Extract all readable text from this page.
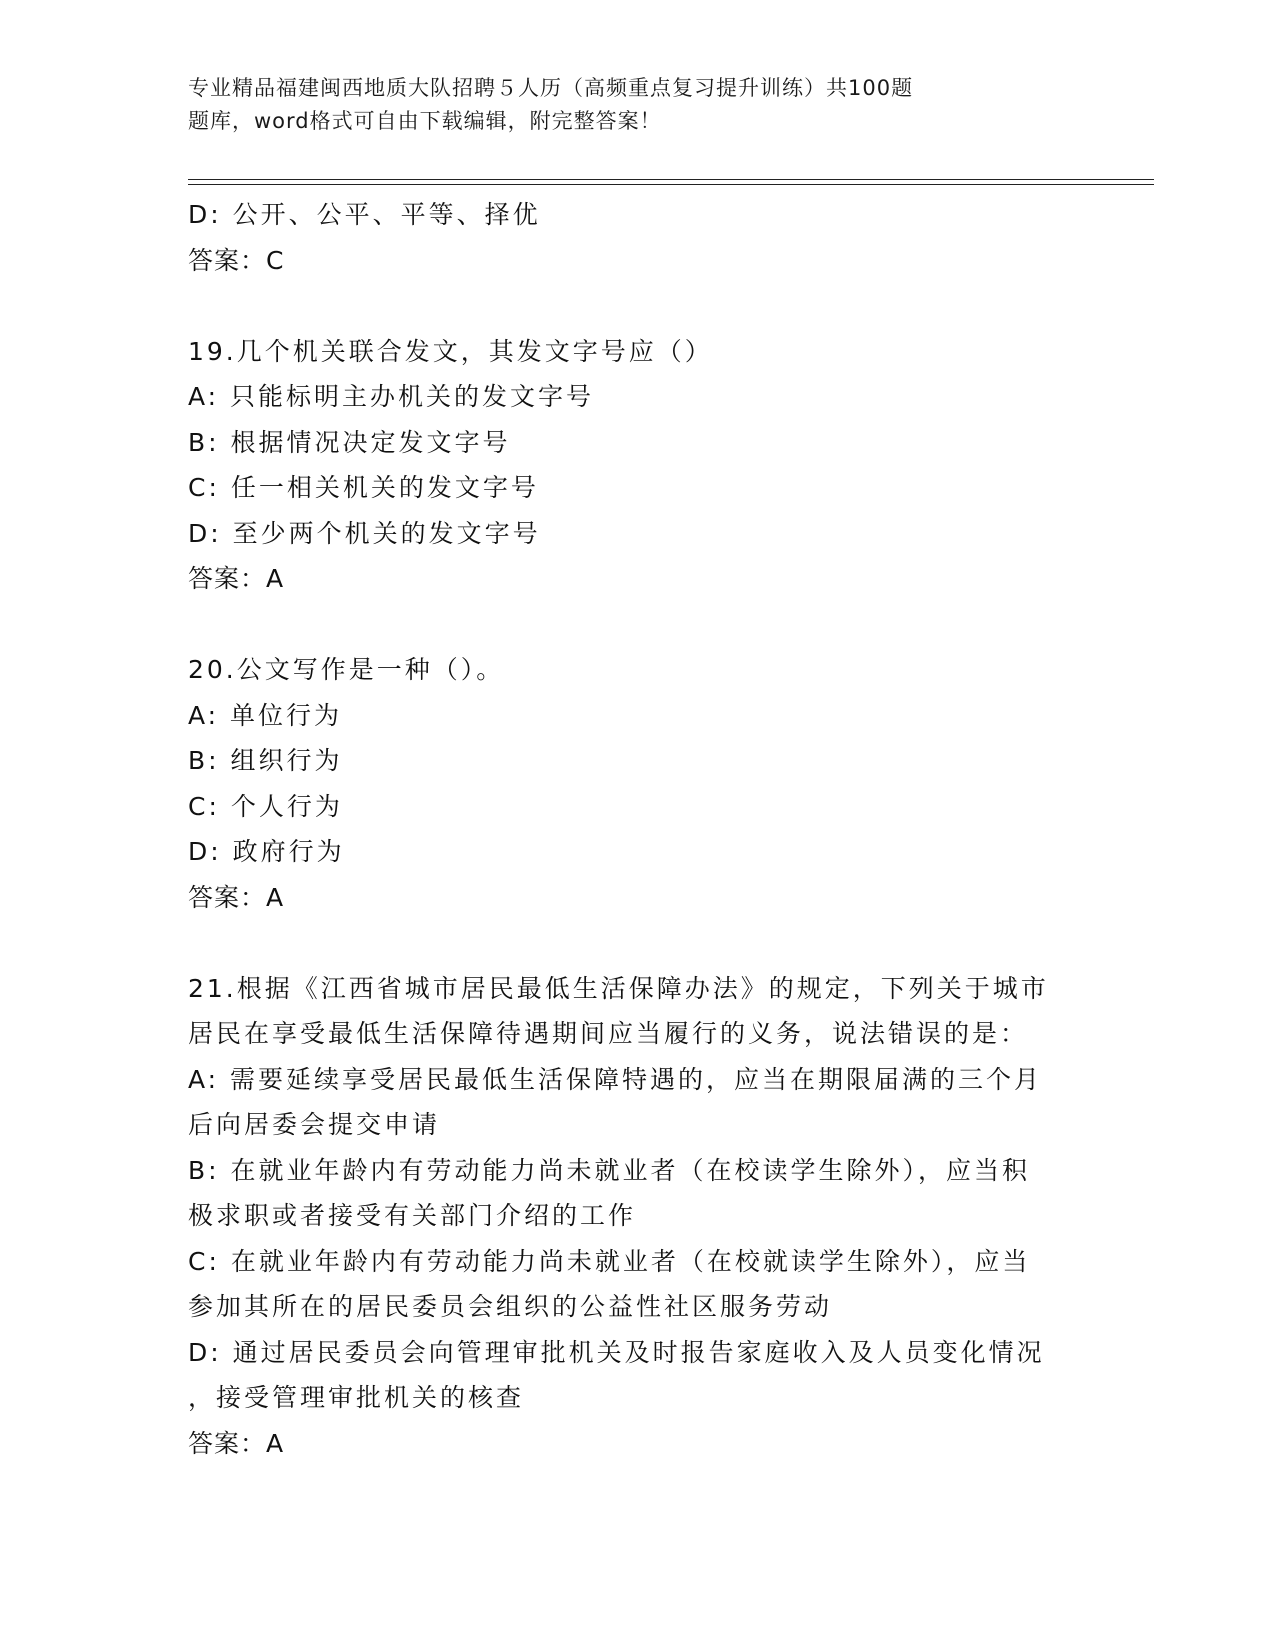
专业精品福建闽西地质大队招聘５人历（高频重点复习提升训练）共100题
题库，word格式可自由下载编辑，附完整答案！
D: 公开、公平、平等、择优
答案：C
19.几个机关联合发文，其发文字号应（）
A: 只能标明主办机关的发文字号
B: 根据情况决定发文字号
C: 任一相关机关的发文字号
D: 至少两个机关的发文字号
答案：A
20.公文写作是一种（）。
A: 单位行为
B: 组织行为
C: 个人行为
D: 政府行为
答案：A
21.根据《江西省城市居民最低生活保障办法》的规定，下列关于城市
居民在享受最低生活保障待遇期间应当履行的义务，说法错误的是：
A: 需要延续享受居民最低生活保障特遇的，应当在期限届满的三个月
后向居委会提交申请
B: 在就业年龄内有劳动能力尚未就业者（在校读学生除外），应当积
极求职或者接受有关部门介绍的工作
C: 在就业年龄内有劳动能力尚未就业者（在校就读学生除外），应当
参加其所在的居民委员会组织的公益性社区服务劳动
D: 通过居民委员会向管理审批机关及时报告家庭收入及人员变化情况
，接受管理审批机关的核查
答案：A
